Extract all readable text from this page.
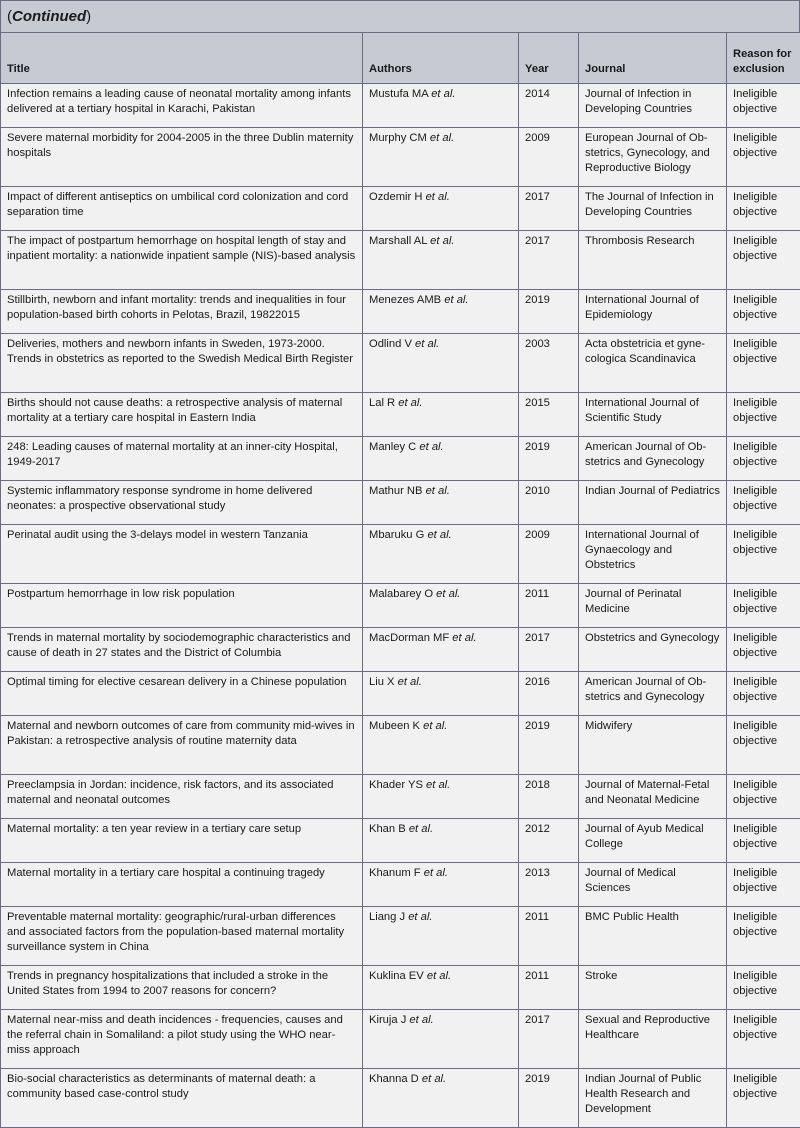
( Continued )
Title	Authors	Year	Journal	Reason for exclusion
Infection remains a leading cause of neonatal mortality among infants delivered at a tertiary hospital in Karachi, Pakistan	Mustufa MA et al.	2014	Journal of Infection in Developing Countries	Ineligible objective
Severe maternal morbidity for 2004-2005 in the three Dublin maternity hospitals	Murphy CM et al.	2009	European Journal of Ob-stetrics, Gynecology, and Reproductive Biology	Ineligible objective
Impact of different antiseptics on umbilical cord colonization and cord separation time	Ozdemir H et al.	2017	The Journal of Infection in Developing Countries	Ineligible objective
The impact of postpartum hemorrhage on hospital length of stay and inpatient mortality: a nationwide inpatient sample (NIS)-based analysis	Marshall AL et al.	2017	Thrombosis Research	Ineligible objective
Stillbirth, newborn and infant mortality: trends and inequalities in four population-based birth cohorts in Pelotas, Brazil, 19822015	Menezes AMB et al.	2019	International Journal of Epidemiology	Ineligible objective
Deliveries, mothers and newborn infants in Sweden, 1973-2000. Trends in obstetrics as reported to the Swedish Medical Birth Register	Odlind V et al.	2003	Acta obstetricia et gyne-cologica Scandinavica	Ineligible objective
Births should not cause deaths: a retrospective analysis of maternal mortality at a tertiary care hospital in Eastern India	Lal R et al.	2015	International Journal of Scientific Study	Ineligible objective
248: Leading causes of maternal mortality at an inner-city Hospital, 1949-2017	Manley C et al.	2019	American Journal of Ob-stetrics and Gynecology	Ineligible objective
Systemic inflammatory response syndrome in home delivered neonates: a prospective observational study	Mathur NB et al.	2010	Indian Journal of Pediatrics	Ineligible objective
Perinatal audit using the 3-delays model in western Tanzania	Mbaruku G et al.	2009	International Journal of Gynaecology and Obstetrics	Ineligible objective
Postpartum hemorrhage in low risk population	Malabarey O et al.	2011	Journal of Perinatal Medicine	Ineligible objective
Trends in maternal mortality by sociodemographic characteristics and cause of death in 27 states and the District of Columbia	MacDorman MF et al.	2017	Obstetrics and Gynecology	Ineligible objective
Optimal timing for elective cesarean delivery in a Chinese population	Liu X et al.	2016	American Journal of Ob-stetrics and Gynecology	Ineligible objective
Maternal and newborn outcomes of care from community mid-wives in Pakistan: a retrospective analysis of routine maternity data	Mubeen K et al.	2019	Midwifery	Ineligible objective
Preeclampsia in Jordan: incidence, risk factors, and its associated maternal and neonatal outcomes	Khader YS et al.	2018	Journal of Maternal-Fetal and Neonatal Medicine	Ineligible objective
Maternal mortality: a ten year review in a tertiary care setup	Khan B et al.	2012	Journal of Ayub Medical College	Ineligible objective
Maternal mortality in a tertiary care hospital a continuing tragedy	Khanum F et al.	2013	Journal of Medical Sciences	Ineligible objective
Preventable maternal mortality: geographic/rural-urban differences and associated factors from the population-based maternal mortality surveillance system in China	Liang J et al.	2011	BMC Public Health	Ineligible objective
Trends in pregnancy hospitalizations that included a stroke in the United States from 1994 to 2007 reasons for concern?	Kuklina EV et al.	2011	Stroke	Ineligible objective
Maternal near-miss and death incidences - frequencies, causes and the referral chain in Somaliland: a pilot study using the WHO near-miss approach	Kiruja J et al.	2017	Sexual and Reproductive Healthcare	Ineligible objective
Bio-social characteristics as determinants of maternal death: a community based case-control study	Khanna D et al.	2019	Indian Journal of Public Health Research and Development	Ineligible objective
